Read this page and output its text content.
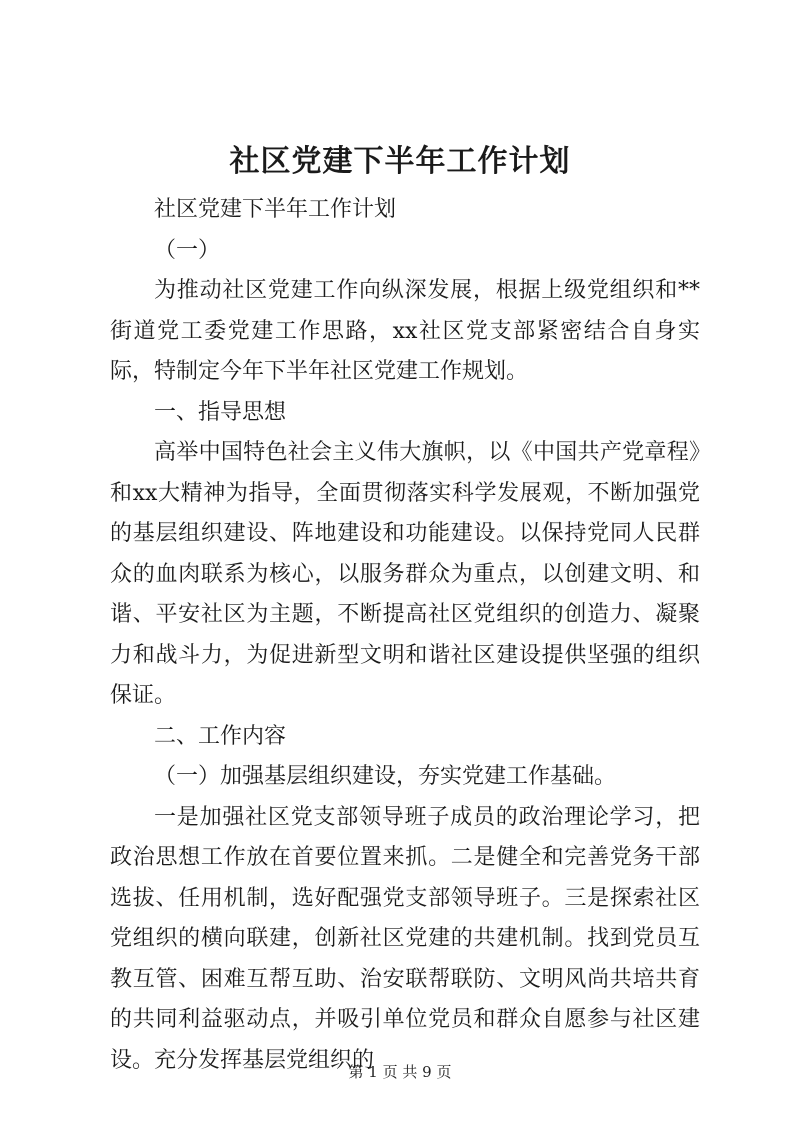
社区党建下半年工作计划

社区党建下半年工作计划

（一）

为推动社区党建工作向纵深发展，根据上级党组织和**街道党工委党建工作思路，xx社区党支部紧密结合自身实际，特制定今年下半年社区党建工作规划。

一、指导思想

高举中国特色社会主义伟大旗帜，以《中国共产党章程》和xx大精神为指导，全面贯彻落实科学发展观，不断加强党的基层组织建设、阵地建设和功能建设。以保持党同人民群众的血肉联系为核心，以服务群众为重点，以创建文明、和谐、平安社区为主题，不断提高社区党组织的创造力、凝聚力和战斗力，为促进新型文明和谐社区建设提供坚强的组织保证。

二、工作内容

（一）加强基层组织建设，夯实党建工作基础。

一是加强社区党支部领导班子成员的政治理论学习，把政治思想工作放在首要位置来抓。二是健全和完善党务干部选拔、任用机制，选好配强党支部领导班子。三是探索社区党组织的横向联建，创新社区党建的共建机制。找到党员互教互管、困难互帮互助、治安联帮联防、文明风尚共培共育的共同利益驱动点，并吸引单位党员和群众自愿参与社区建设。充分发挥基层党组织的

第 1 页 共 9 页
